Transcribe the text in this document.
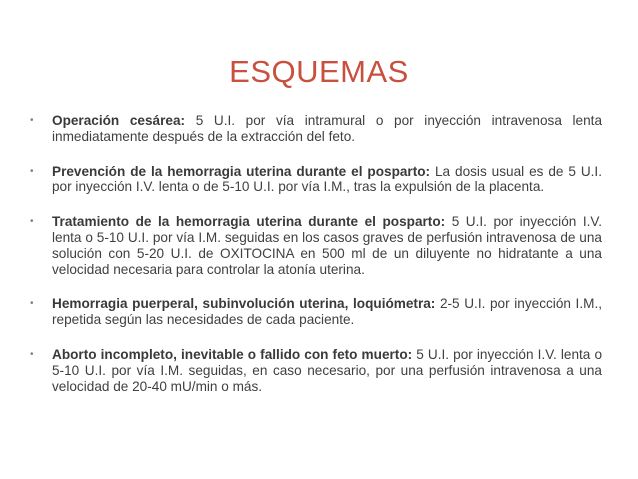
ESQUEMAS
• Operación cesárea: 5 U.I. por vía intramural o por inyección intravenosa lenta inmediatamente después de la extracción del feto.
• Prevención de la hemorragia uterina durante el posparto: La dosis usual es de 5 U.I. por inyección I.V. lenta o de 5-10 U.I. por vía I.M., tras la expulsión de la placenta.
• Tratamiento de la hemorragia uterina durante el posparto: 5 U.I. por inyección I.V. lenta o 5-10 U.I. por vía I.M. seguidas en los casos graves de perfusión intravenosa de una solución con 5-20 U.I. de OXITOCINA en 500 ml de un diluyente no hidratante a una velocidad necesaria para controlar la atonía uterina.
• Hemorragia puerperal, subinvolución uterina, loquiómetra: 2-5 U.I. por inyección I.M., repetida según las necesidades de cada paciente.
• Aborto incompleto, inevitable o fallido con feto muerto: 5 U.I. por inyección I.V. lenta o 5-10 U.I. por vía I.M. seguidas, en caso necesario, por una perfusión intravenosa a una velocidad de 20-40 mU/min o más.
